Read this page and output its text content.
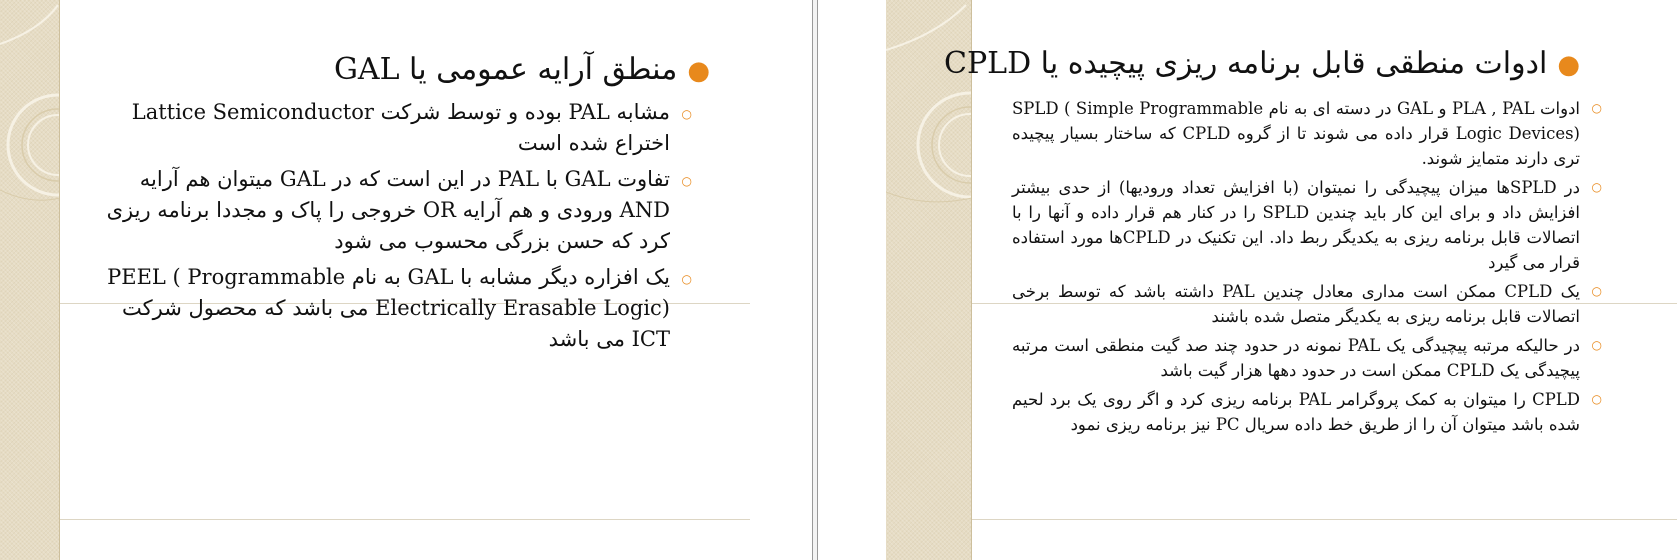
●منطق آرایه عمومی یا GAL
○
مشابه PAL بوده و توسط شرکت Lattice Semiconductor اختراع شده است
○
تفاوت GAL با PAL در این است که در GAL میتوان هم آرایه AND ورودی و هم آرایه OR خروجی را پاک و مجددا برنامه ریزی کرد که حسن بزرگی محسوب می شود
○
یک افزاره دیگر مشابه با GAL به نام PEEL ( Programmable Electrically Erasable Logic) می باشد که محصول شرکت ICT می باشد
●ادوات منطقی قابل برنامه ریزی پیچیده یا CPLD
○
ادوات PLA , PAL و GAL در دسته ای به نام SPLD ( Simple Programmable Logic Devices) قرار داده می شوند تا از گروه CPLD که ساختار بسیار پیچیده تری دارند متمایز شوند.
○
در SPLDها میزان پیچیدگی را نمیتوان (با افزایش تعداد ورودیها) از حدی بیشتر افزایش داد و برای این کار باید چندین SPLD را در کنار هم قرار داده و آنها را با اتصالات قابل برنامه ریزی به یکدیگر ربط داد. این تکنیک در CPLDها مورد استفاده قرار می گیرد
○
یک CPLD ممکن است مداری معادل چندین PAL داشته باشد که توسط برخی اتصالات قابل برنامه ریزی به یکدیگر متصل شده باشند
○
در حالیکه مرتبه پیچیدگی یک PAL نمونه در حدود چند صد گیت منطقی است مرتبه پیچیدگی یک CPLD ممکن است در حدود دهها هزار گیت باشد
○
CPLD را میتوان به کمک پروگرامر PAL برنامه ریزی کرد و اگر روی یک برد لحیم شده باشد میتوان آن را از طریق خط داده سریال PC نیز برنامه ریزی نمود
